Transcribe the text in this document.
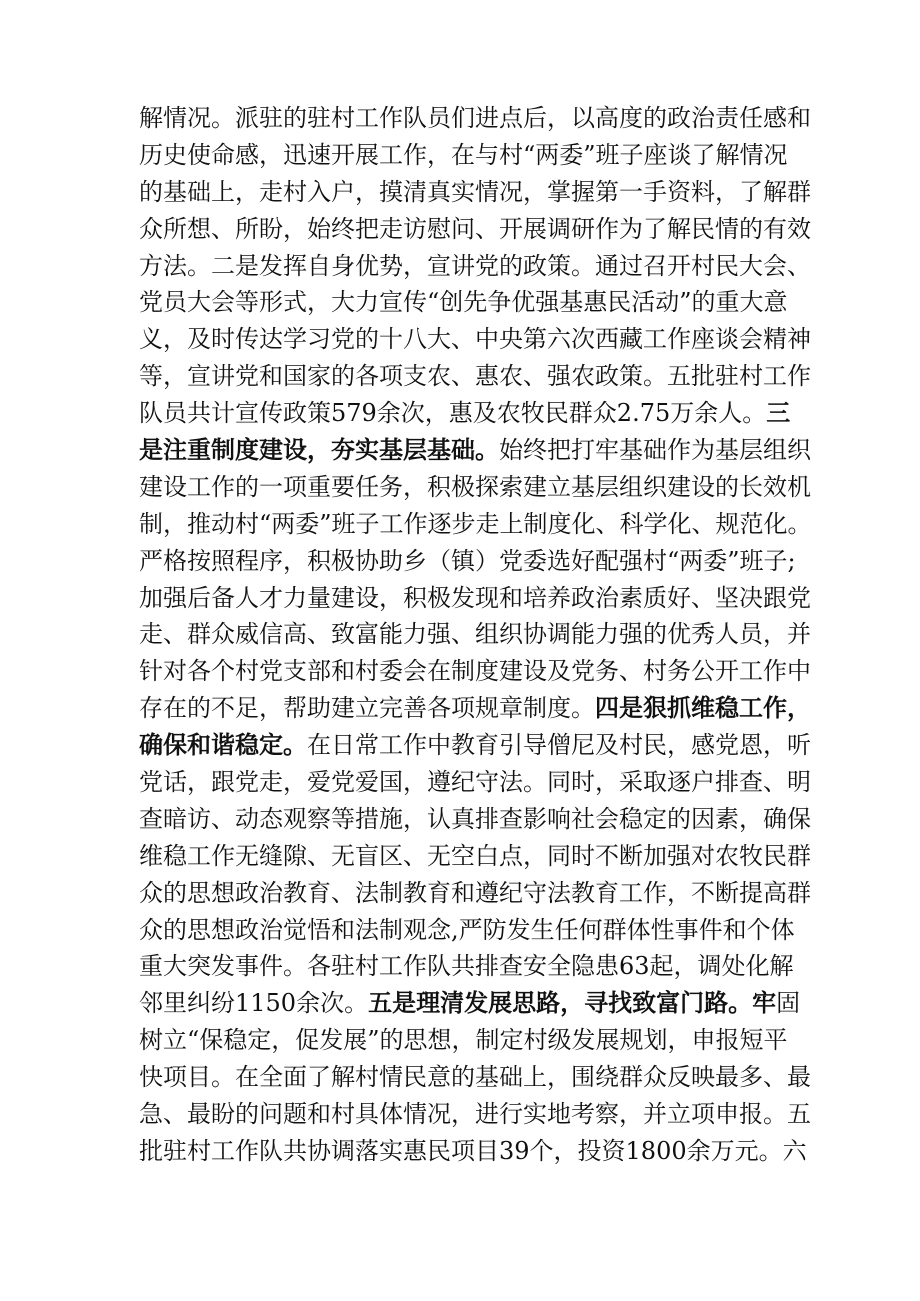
解情况。派驻的驻村工作队员们进点后，以高度的政治责任感和
历史使命感，迅速开展工作，在与村“两委”班子座谈了解情况
的基础上，走村入户，摸清真实情况，掌握第一手资料，了解群
众所想、所盼，始终把走访慰问、开展调研作为了解民情的有效
方法。二是发挥自身优势，宣讲党的政策。通过召开村民大会、
党员大会等形式，大力宣传“创先争优强基惠民活动”的重大意
义，及时传达学习党的十八大、中央第六次西藏工作座谈会精神
等，宣讲党和国家的各项支农、惠农、强农政策。五批驻村工作
队员共计宣传政策579余次，惠及农牧民群众2.75万余人。三
是注重制度建设，夯实基层基础。始终把打牢基础作为基层组织
建设工作的一项重要任务，积极探索建立基层组织建设的长效机
制，推动村“两委”班子工作逐步走上制度化、科学化、规范化。
严格按照程序，积极协助乡（镇）党委选好配强村“两委”班子;
加强后备人才力量建设，积极发现和培养政治素质好、坚决跟党
走、群众威信高、致富能力强、组织协调能力强的优秀人员，并
针对各个村党支部和村委会在制度建设及党务、村务公开工作中
存在的不足，帮助建立完善各项规章制度。四是狠抓维稳工作，
确保和谐稳定。在日常工作中教育引导僧尼及村民，感党恩，听
党话，跟党走，爱党爱国，遵纪守法。同时，采取逐户排查、明
查暗访、动态观察等措施，认真排查影响社会稳定的因素，确保
维稳工作无缝隙、无盲区、无空白点，同时不断加强对农牧民群
众的思想政治教育、法制教育和遵纪守法教育工作，不断提高群
众的思想政治觉悟和法制观念,严防发生任何群体性事件和个体
重大突发事件。各驻村工作队共排查安全隐患63起，调处化解
邻里纠纷1150余次。五是理清发展思路，寻找致富门路。牢固
树立“保稳定，促发展”的思想，制定村级发展规划，申报短平
快项目。在全面了解村情民意的基础上，围绕群众反映最多、最
急、最盼的问题和村具体情况，进行实地考察，并立项申报。五
批驻村工作队共协调落实惠民项目39个，投资1800余万元。六
